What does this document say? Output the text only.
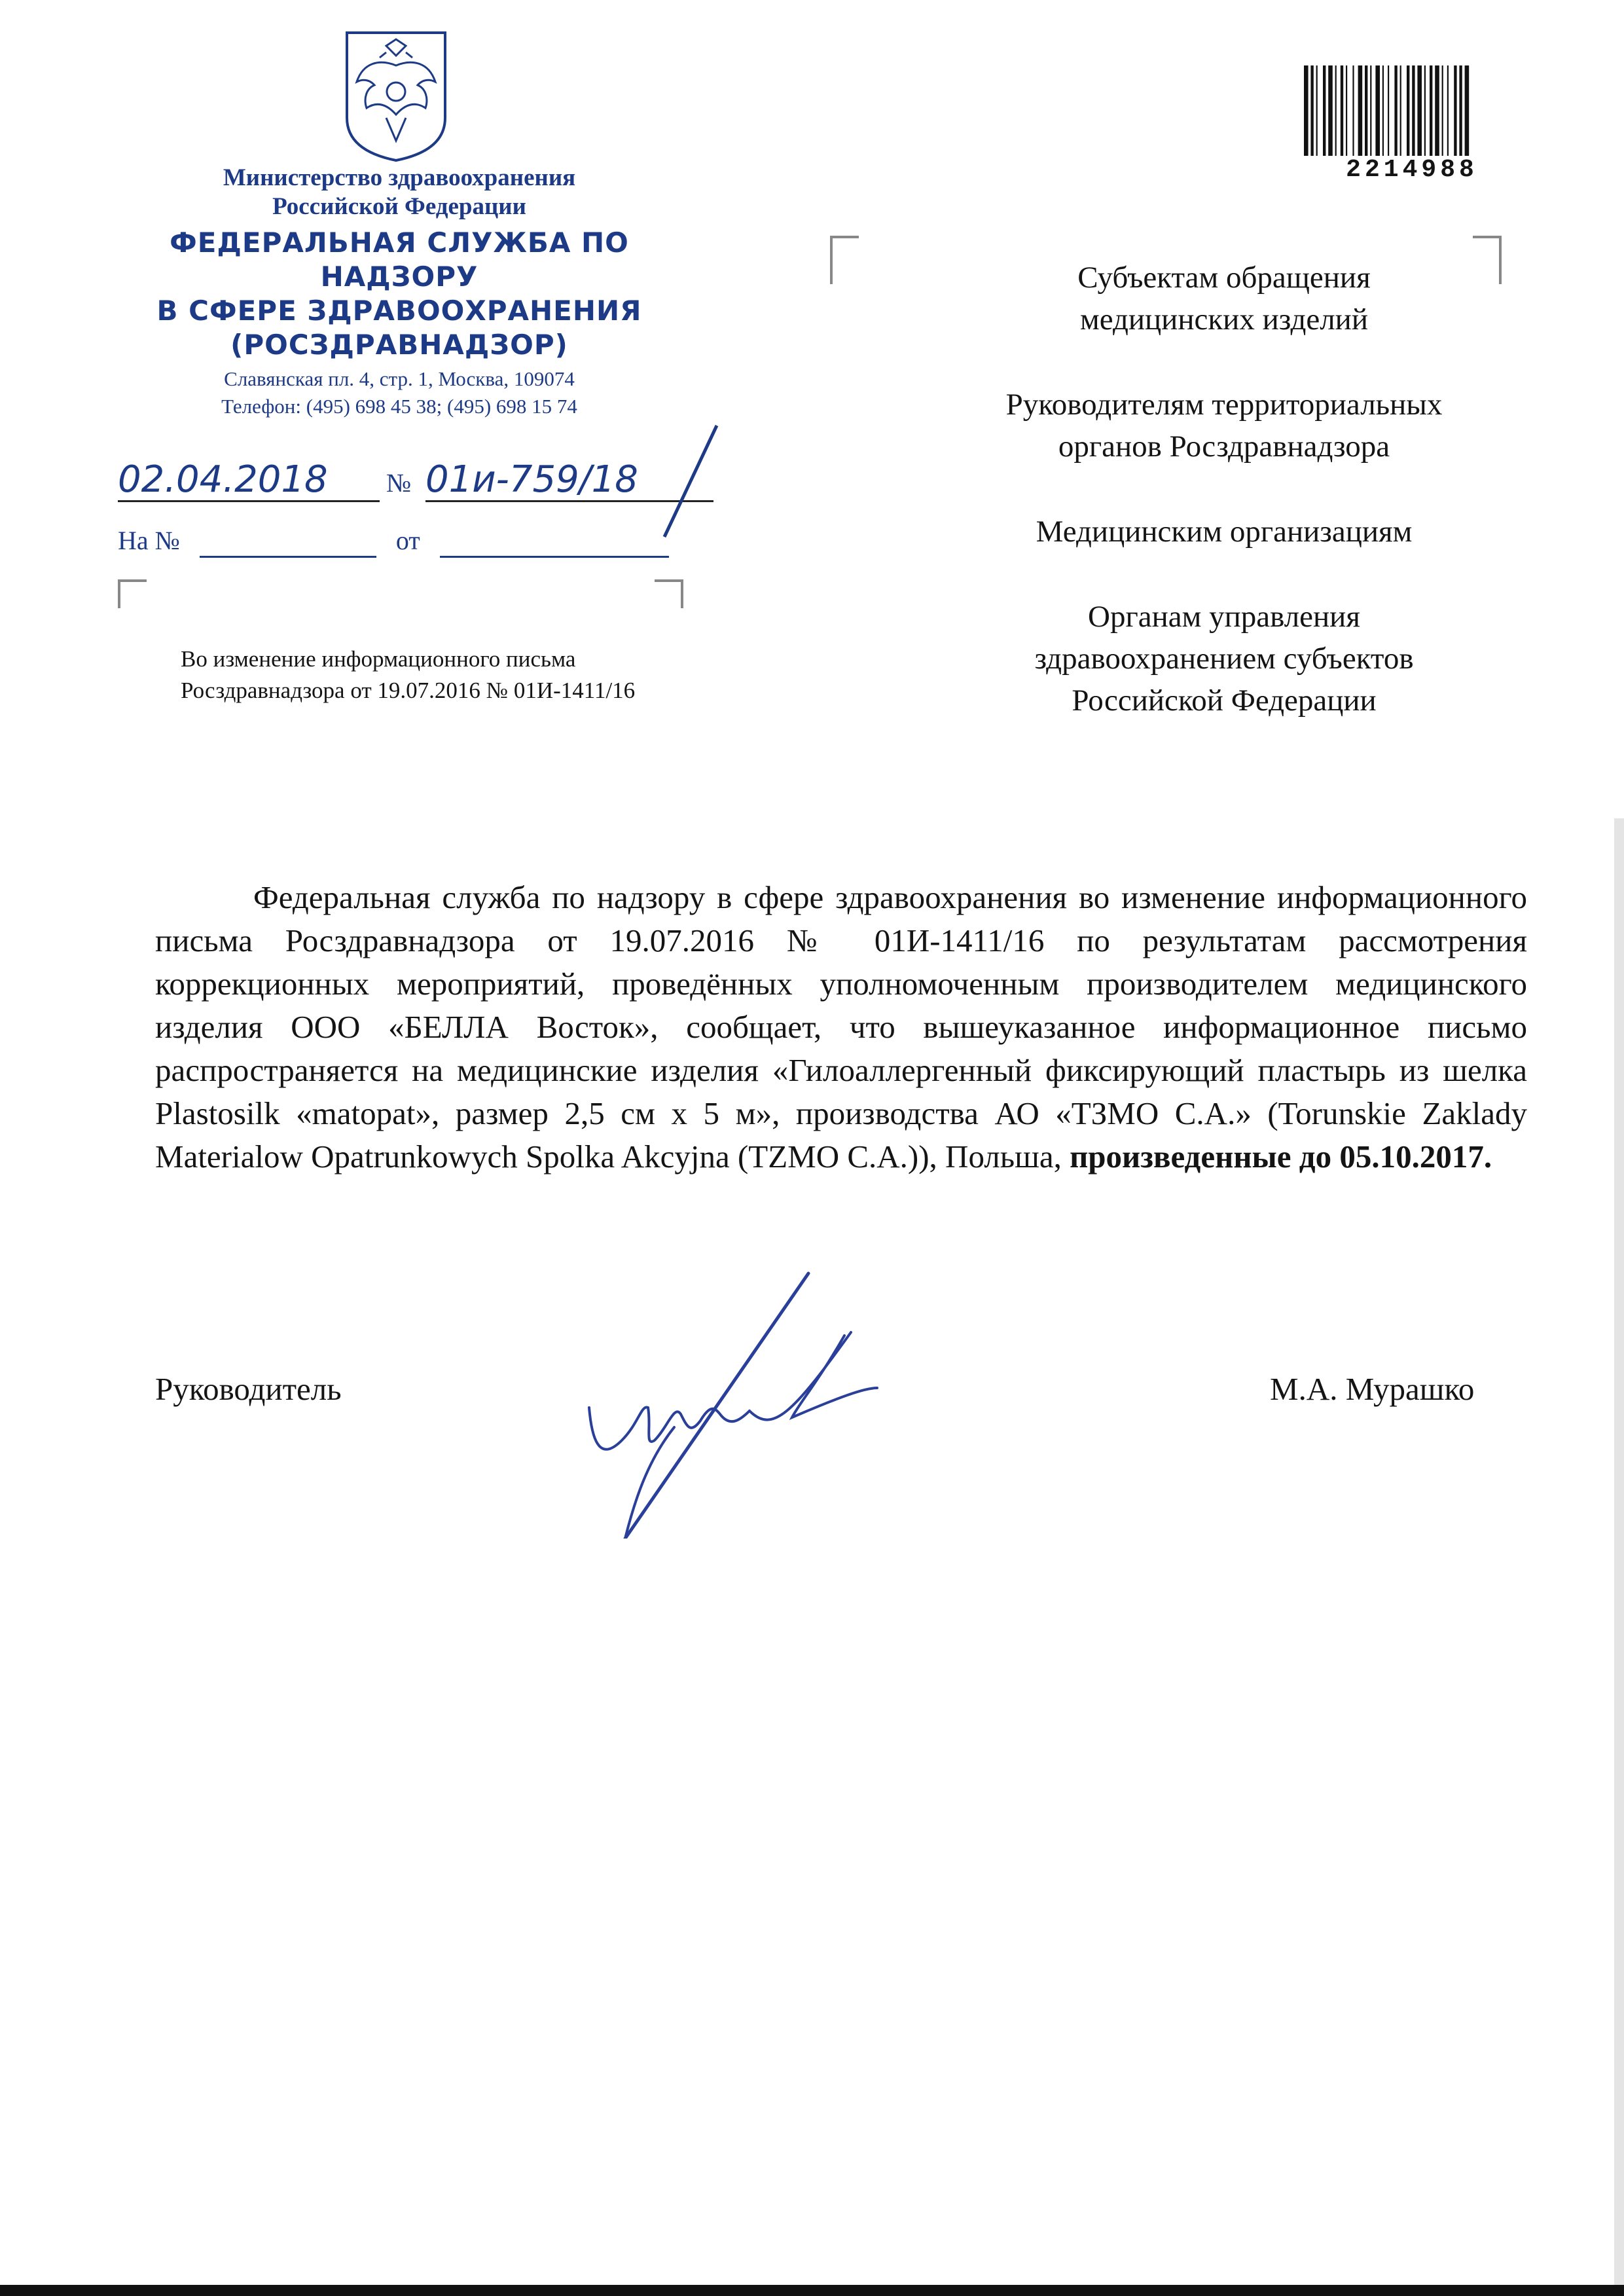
Министерство здравоохранения
Российской Федерации
ФЕДЕРАЛЬНАЯ СЛУЖБА ПО НАДЗОРУ
В СФЕРЕ ЗДРАВООХРАНЕНИЯ
(РОСЗДРАВНАДЗОР)
Славянская пл. 4, стр. 1, Москва, 109074
Телефон: (495) 698 45 38; (495) 698 15 74
02.04.2018 № 01и-759/18
На №	от
2214988
Субъектам обращения
медицинских изделий
Руководителям территориальных
органов Росздравнадзора
Медицинским организациям
Органам управления
здравоохранением субъектов
Российской Федерации
Во изменение информационного письма
Росздравнадзора от 19.07.2016 № 01И-1411/16
Федеральная служба по надзору в сфере здравоохранения во изменение информационного письма Росздравнадзора от 19.07.2016 № 01И-1411/16 по результатам рассмотрения коррекционных мероприятий, проведённых уполномоченным производителем медицинского изделия ООО «БЕЛЛА Восток», сообщает, что вышеуказанное информационное письмо распространяется на медицинские изделия «Гилоаллергенный фиксирующий пластырь из шелка Plastosilk «matopat», размер 2,5 см x 5 м», производства АО «ТЗМО С.А.» (Torunskie Zaklady Materialow Opatrunkowych Spolka Akcyjna (TZMO C.A.)), Польша, произведенные до 05.10.2017.
Руководитель	М.А. Мурашко
